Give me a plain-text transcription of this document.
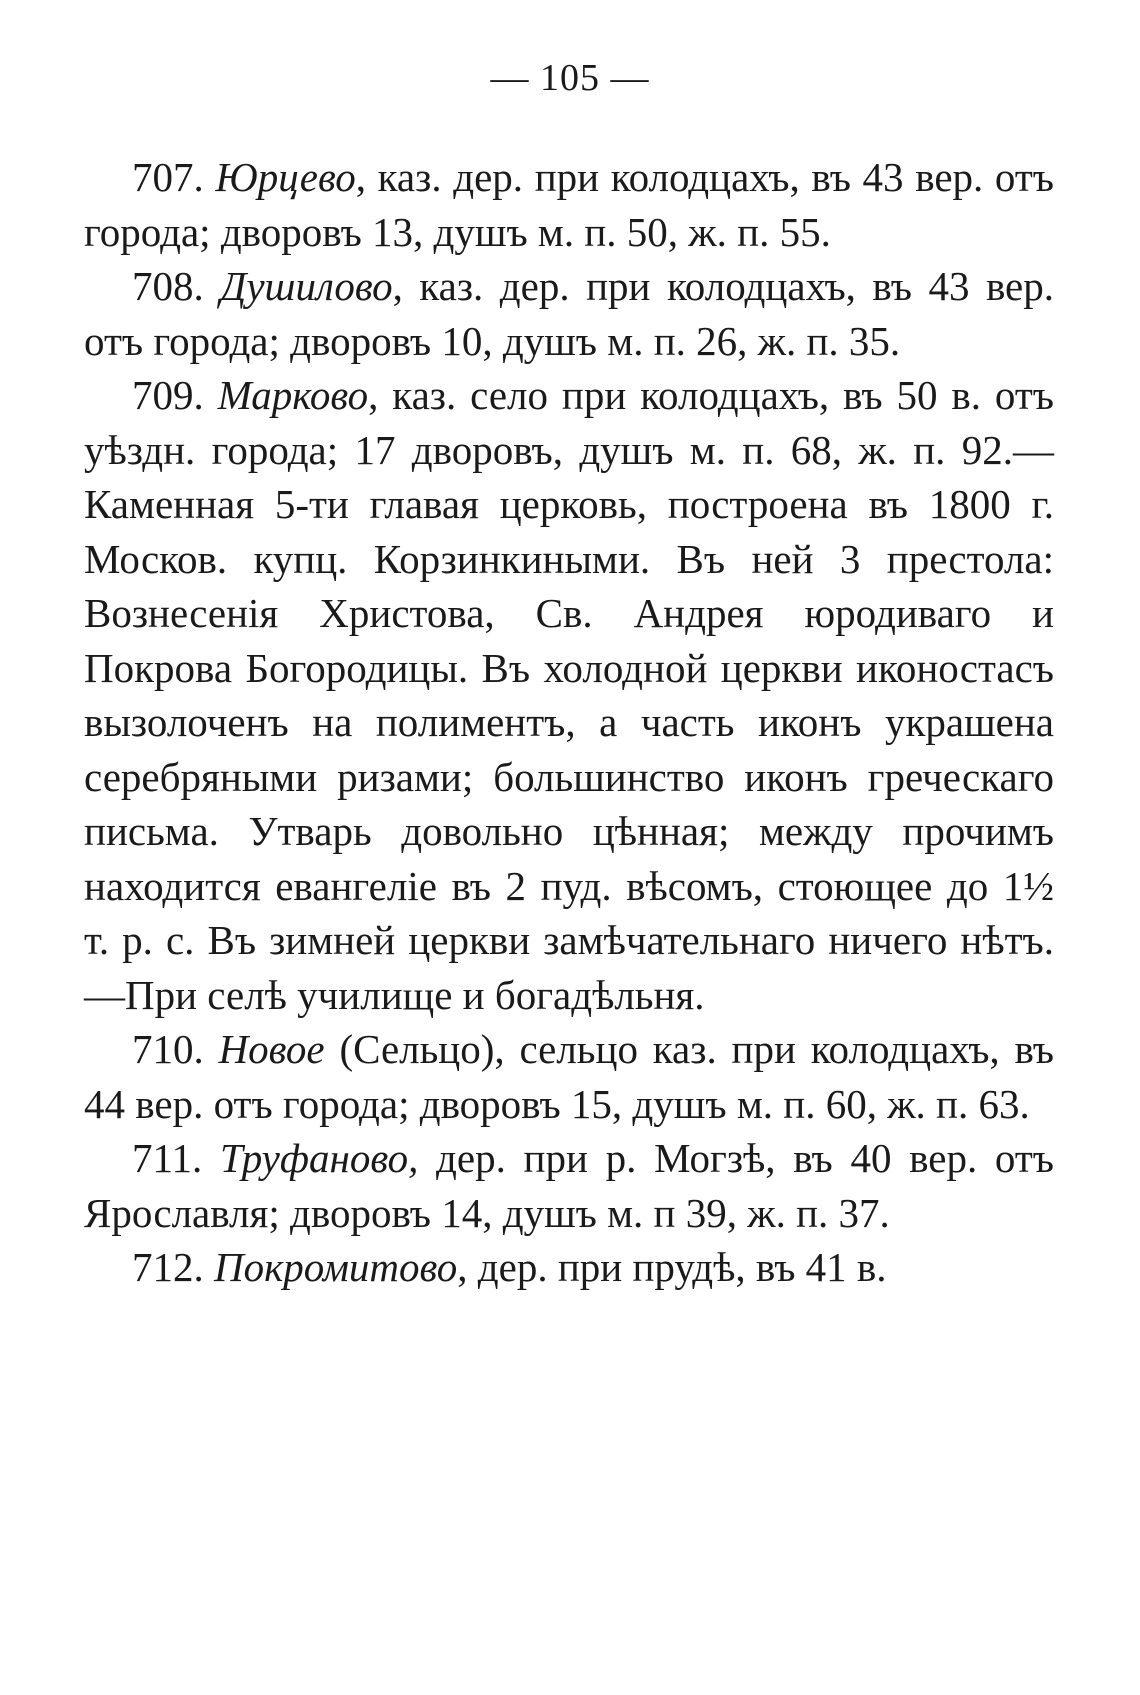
— 105 —

707. Юрцево, каз. дер. при колодцахъ, въ 43 вер. отъ города; дворовъ 13, душъ м. п. 50, ж. п. 55.

708. Душилово, каз. дер. при колодцахъ, въ 43 вер. отъ города; дворовъ 10, душъ м. п. 26, ж. п. 35.

709. Марково, каз. село при колодцахъ, въ 50 в. отъ уѣздн. города; 17 дворовъ, душъ м. п. 68, ж. п. 92.—Каменная 5-ти главая церковь, построена въ 1800 г. Москов. купц. Корзинкиными. Въ ней 3 престола: Вознесенія Христова, Св. Андрея юродиваго и Покрова Богородицы. Въ холодной церкви иконостасъ вызолоченъ на полиментъ, а часть иконъ украшена серебряными ризами; большинство иконъ греческаго письма. Утварь довольно цѣнная; между прочимъ находится евангеліе въ 2 пуд. вѣсомъ, стоющее до 1½ т. р. с. Въ зимней церкви замѣчательнаго ничего нѣтъ.—При селѣ училище и богадѣльня.

710. Новое (Сельцо), сельцо каз. при колодцахъ, въ 44 вер. отъ города; дворовъ 15, душъ м. п. 60, ж. п. 63.

711. Труфаново, дер. при р. Могзѣ, въ 40 вер. отъ Ярославля; дворовъ 14, душъ м. п 39, ж. п. 37.

712. Покромитово, дер. при прудѣ, въ 41 в.
